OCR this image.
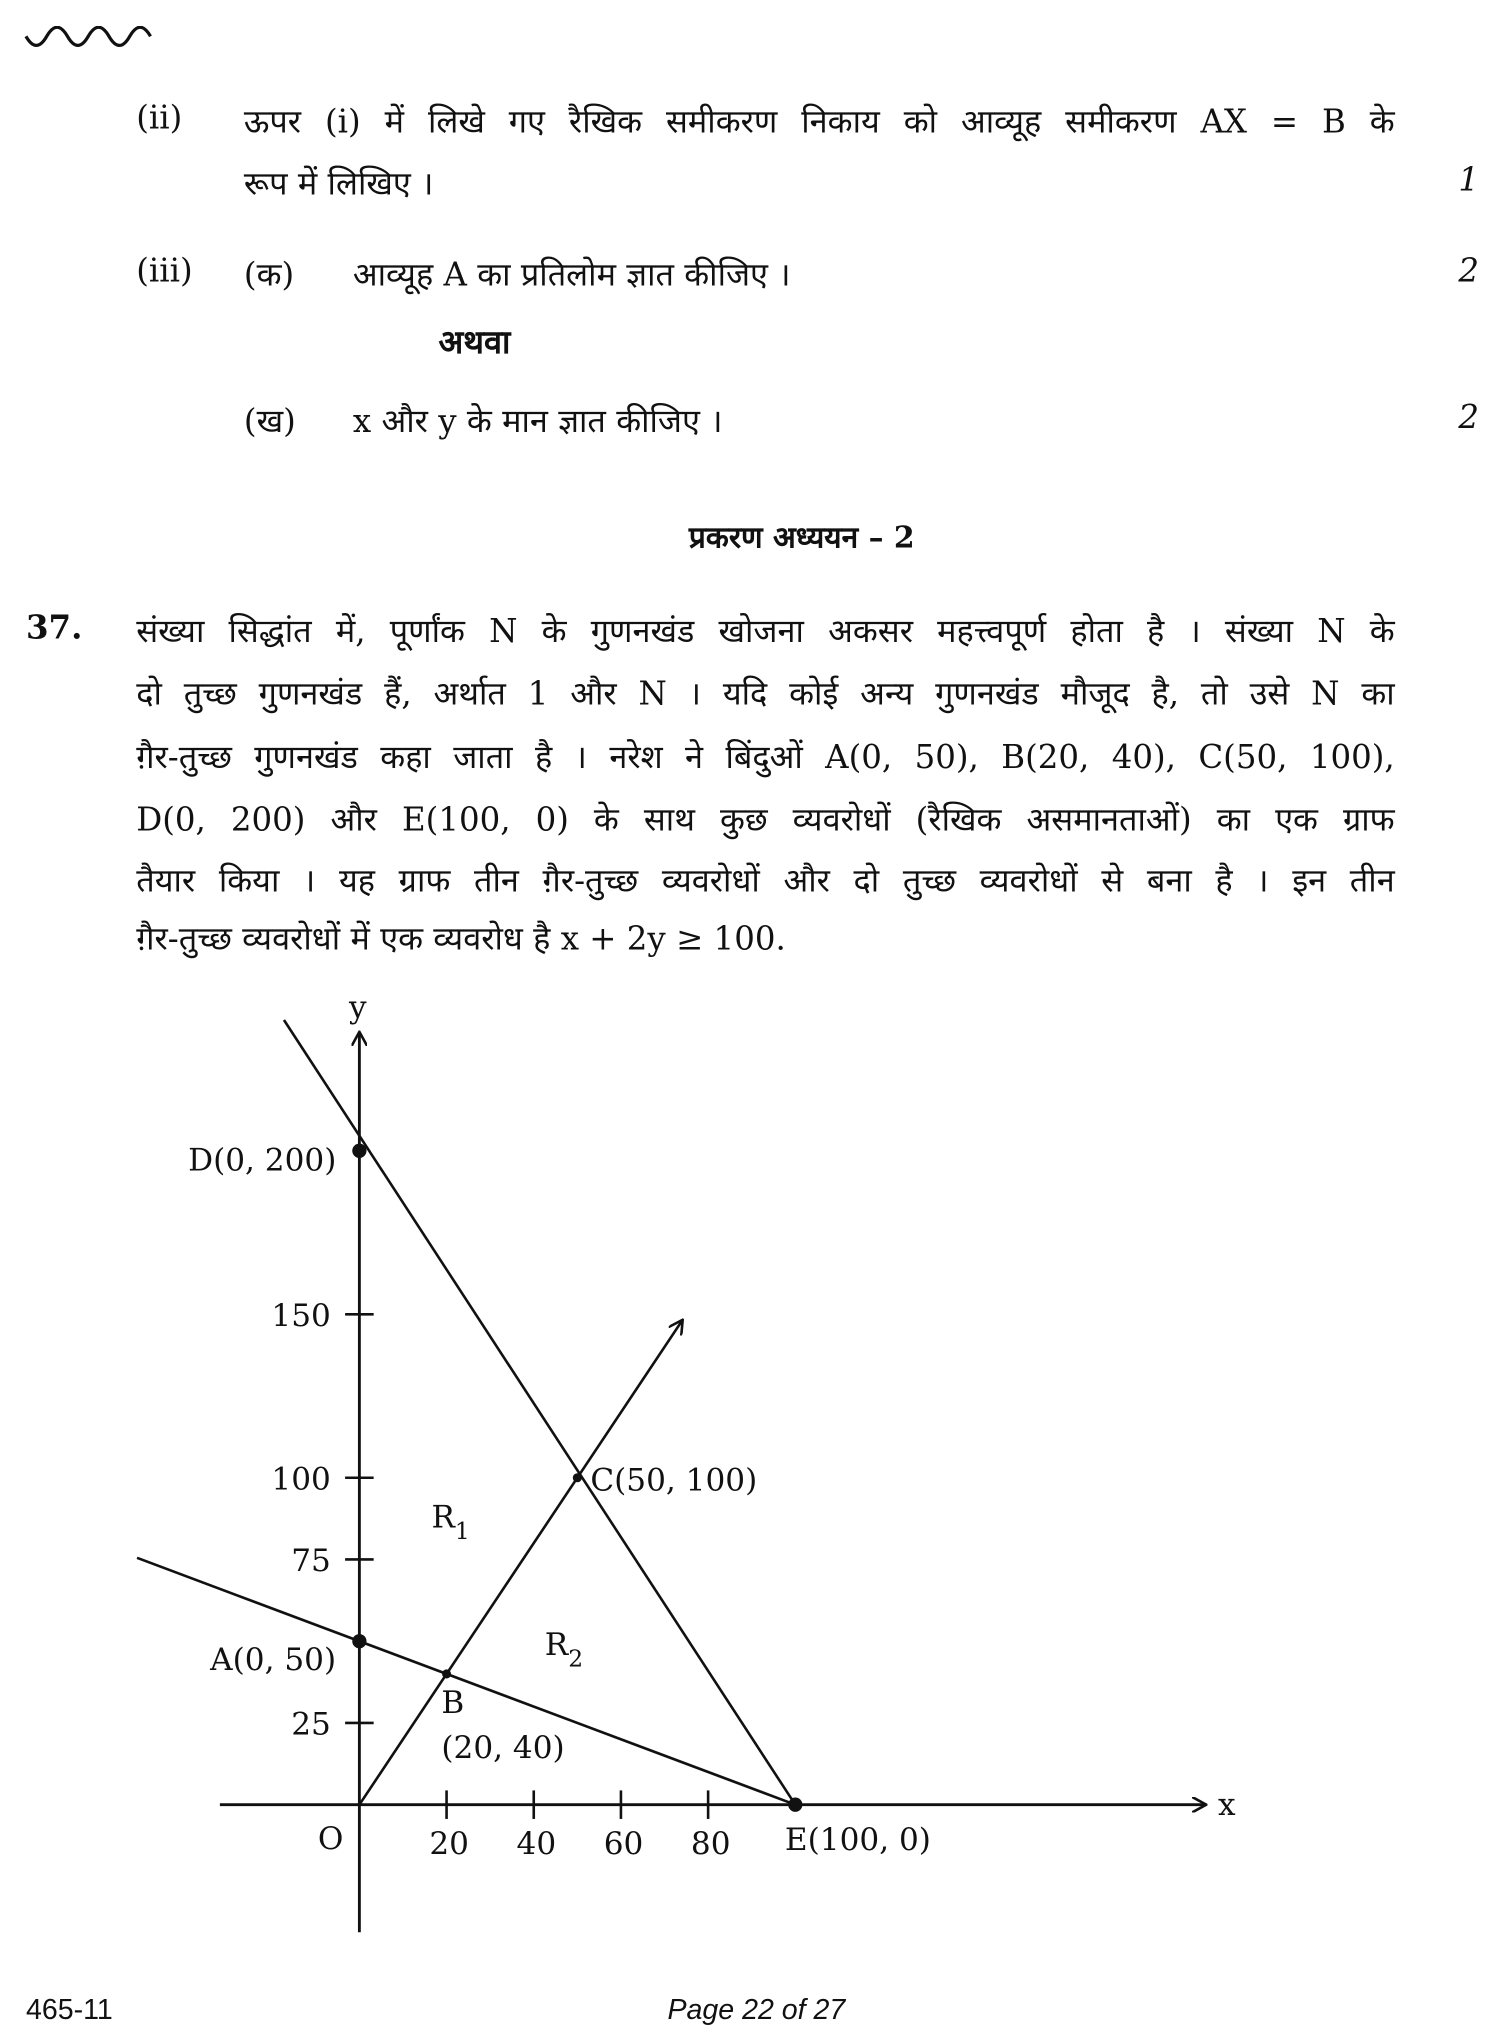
(ii) ऊपर (i) में लिखे गए रैखिक समीकरण निकाय को आव्यूह समीकरण AX = B के
रूप में लिखिए ।	1
(iii) (क) आव्यूह A का प्रतिलोम ज्ञात कीजिए ।	2
अथवा
(ख) x और y के मान ज्ञात कीजिए ।	2
प्रकरण अध्ययन – 2
37. संख्या सिद्धांत में, पूर्णांक N के गुणनखंड खोजना अकसर महत्त्वपूर्ण होता है । संख्या N के
दो तुच्छ गुणनखंड हैं, अर्थात 1 और N । यदि कोई अन्य गुणनखंड मौजूद है, तो उसे N का
ग़ैर-तुच्छ गुणनखंड कहा जाता है । नरेश ने बिंदुओं A(0, 50), B(20, 40), C(50, 100),
D(0, 200) और E(100, 0) के साथ कुछ व्यवरोधों (रैखिक असमानताओं) का एक ग्राफ
तैयार किया । यह ग्राफ तीन ग़ैर-तुच्छ व्यवरोधों और दो तुच्छ व्यवरोधों से बना है । इन तीन
ग़ैर-तुच्छ व्यवरोधों में एक व्यवरोध है x + 2y ≥ 100.
20 40 60 80
25
75
100
150
D(0, 200)
A(0, 50)
B
(20, 40)
C(50, 100)
E(100, 0)
$R_1$
$R_2$
x
y
O
465-11	Page 22 of 27
